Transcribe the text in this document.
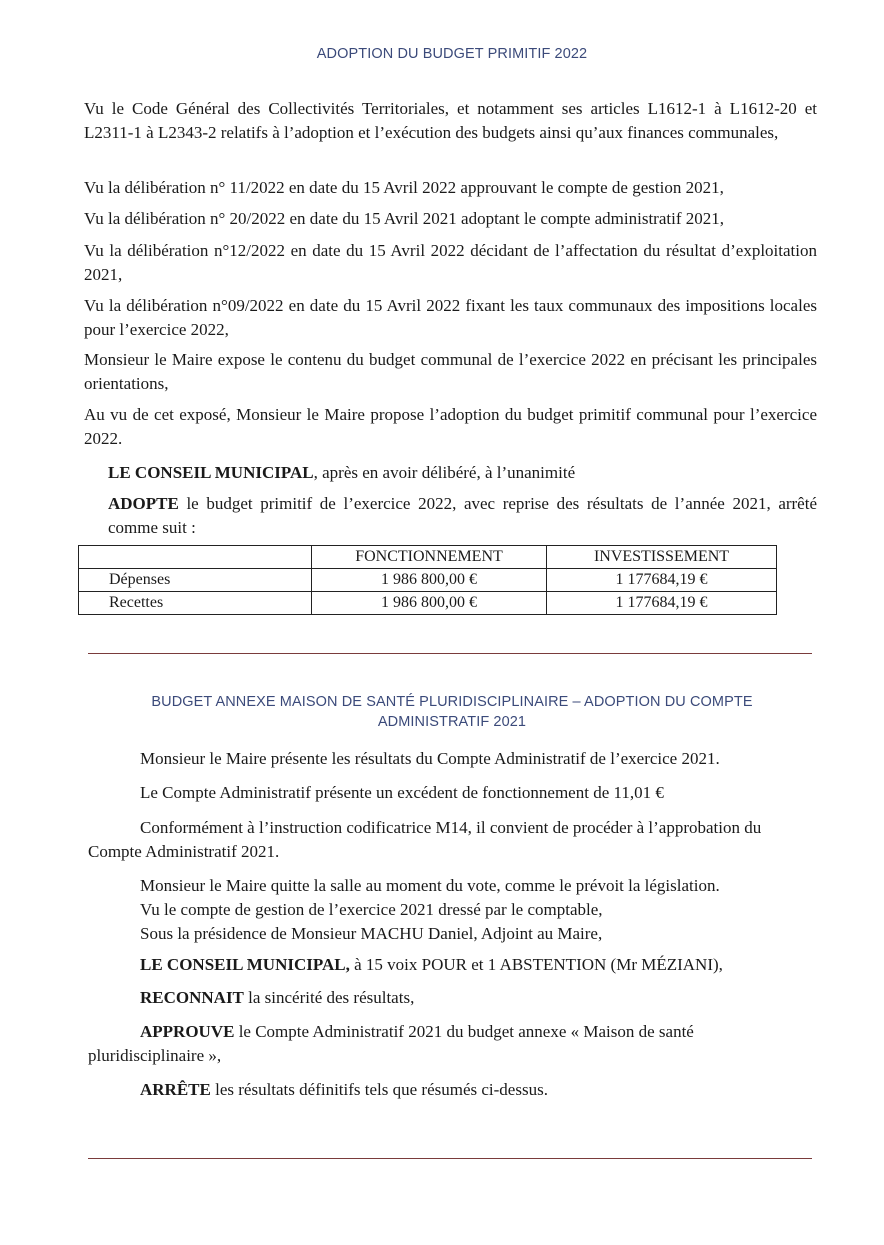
ADOPTION DU BUDGET PRIMITIF 2022

Vu le Code Général des Collectivités Territoriales, et notamment ses articles L1612-1 à L1612-20 et L2311-1 à L2343-2 relatifs à l’adoption et l’exécution des budgets ainsi qu’aux finances communales,

Vu la délibération n° 11/2022 en date du 15 Avril 2022 approuvant le compte de gestion 2021,

Vu la délibération n° 20/2022 en date du 15 Avril 2021 adoptant le compte administratif 2021,

Vu la délibération n°12/2022 en date du 15 Avril 2022 décidant de l’affectation du résultat d’exploitation 2021,

Vu la délibération n°09/2022 en date du 15 Avril 2022 fixant les taux communaux des impositions locales pour l’exercice 2022,

Monsieur le Maire expose le contenu du budget communal de l’exercice 2022 en précisant les principales orientations,

Au vu de cet exposé, Monsieur le Maire propose l’adoption du budget primitif communal pour l’exercice 2022.

LE CONSEIL MUNICIPAL, après en avoir délibéré, à l’unanimité

ADOPTE le budget primitif de l’exercice 2022, avec reprise des résultats de l’année 2021, arrêté comme suit :

	FONCTIONNEMENT	INVESTISSEMENT
Dépenses	1 986 800,00 €	1 177684,19 €
Recettes	1 986 800,00 €	1 177684,19 €
BUDGET ANNEXE MAISON DE SANTÉ PLURIDISCIPLINAIRE – ADOPTION DU COMPTE
ADMINISTRATIF 2021

Monsieur le Maire présente les résultats du Compte Administratif de l’exercice 2021.

Le Compte Administratif présente un excédent de fonctionnement de 11,01 €

Conformément à l’instruction codificatrice M14, il convient de procéder à l’approbation du

Compte Administratif 2021.

Monsieur le Maire quitte la salle au moment du vote, comme le prévoit la législation.
Vu le compte de gestion de l’exercice 2021 dressé par le comptable,
Sous la présidence de Monsieur MACHU Daniel, Adjoint au Maire,

LE CONSEIL MUNICIPAL, à 15 voix POUR et 1 ABSTENTION (Mr MÉZIANI),

RECONNAIT la sincérité des résultats,

APPROUVE le Compte Administratif 2021 du budget annexe « Maison de santé

pluridisciplinaire »,

ARRÊTE les résultats définitifs tels que résumés ci-dessus.
